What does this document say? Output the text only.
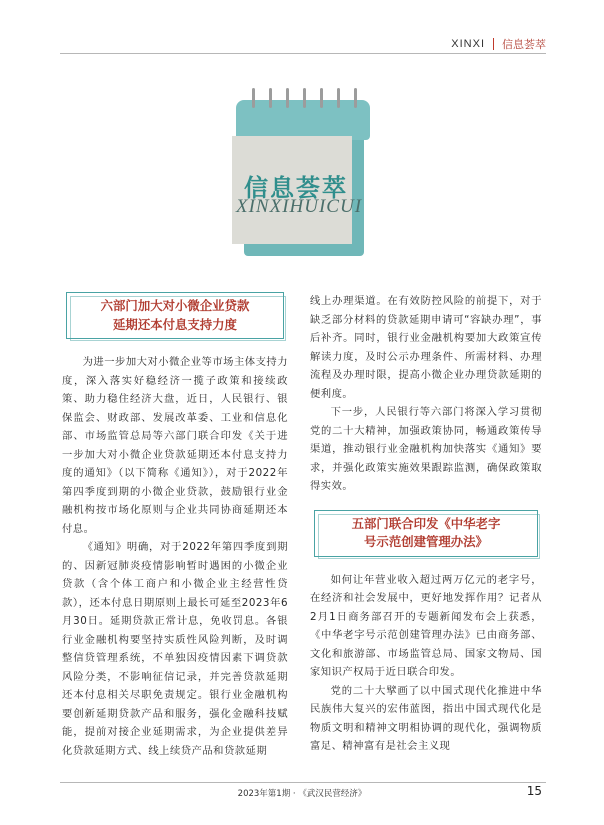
XINXI 信息荟萃
信息荟萃
XINXIHUICUI
六部门加大对小微企业贷款
延期还本付息支持力度

为进一步加大对小微企业等市场主体支持力度，深入落实好稳经济一揽子政策和接续政策、助力稳住经济大盘，近日，人民银行、银保监会、财政部、发展改革委、工业和信息化部、市场监管总局等六部门联合印发《关于进一步加大对小微企业贷款延期还本付息支持力度的通知》（以下简称《通知》），对于2022年第四季度到期的小微企业贷款，鼓励银行业金融机构按市场化原则与企业共同协商延期还本付息。

《通知》明确，对于2022年第四季度到期的、因新冠肺炎疫情影响暂时遇困的小微企业贷款（含个体工商户和小微企业主经营性贷款），还本付息日期原则上最长可延至2023年6月30日。延期贷款正常计息，免收罚息。各银行业金融机构要坚持实质性风险判断，及时调整信贷管理系统，不单独因疫情因素下调贷款风险分类，不影响征信记录，并完善贷款延期还本付息相关尽职免责规定。银行业金融机构要创新延期贷款产品和服务，强化金融科技赋能，提前对接企业延期需求，为企业提供差异化贷款延期方式、线上续贷产品和贷款延期

线上办理渠道。在有效防控风险的前提下，对于缺乏部分材料的贷款延期申请可“容缺办理”，事后补齐。同时，银行业金融机构要加大政策宣传解读力度，及时公示办理条件、所需材料、办理流程及办理时限，提高小微企业办理贷款延期的便利度。

下一步，人民银行等六部门将深入学习贯彻党的二十大精神，加强政策协同，畅通政策传导渠道，推动银行业金融机构加快落实《通知》要求，并强化政策实施效果跟踪监测，确保政策取得实效。

五部门联合印发《中华老字
号示范创建管理办法》

如何让年营业收入超过两万亿元的老字号，在经济和社会发展中，更好地发挥作用？记者从2月1日商务部召开的专题新闻发布会上获悉，《中华老字号示范创建管理办法》已由商务部、文化和旅游部、市场监管总局、国家文物局、国家知识产权局于近日联合印发。

党的二十大擘画了以中国式现代化推进中华民族伟大复兴的宏伟蓝图，指出中国式现代化是物质文明和精神文明相协调的现代化，强调物质富足、精神富有是社会主义现

2023年第1期 · 《武汉民营经济》	15
